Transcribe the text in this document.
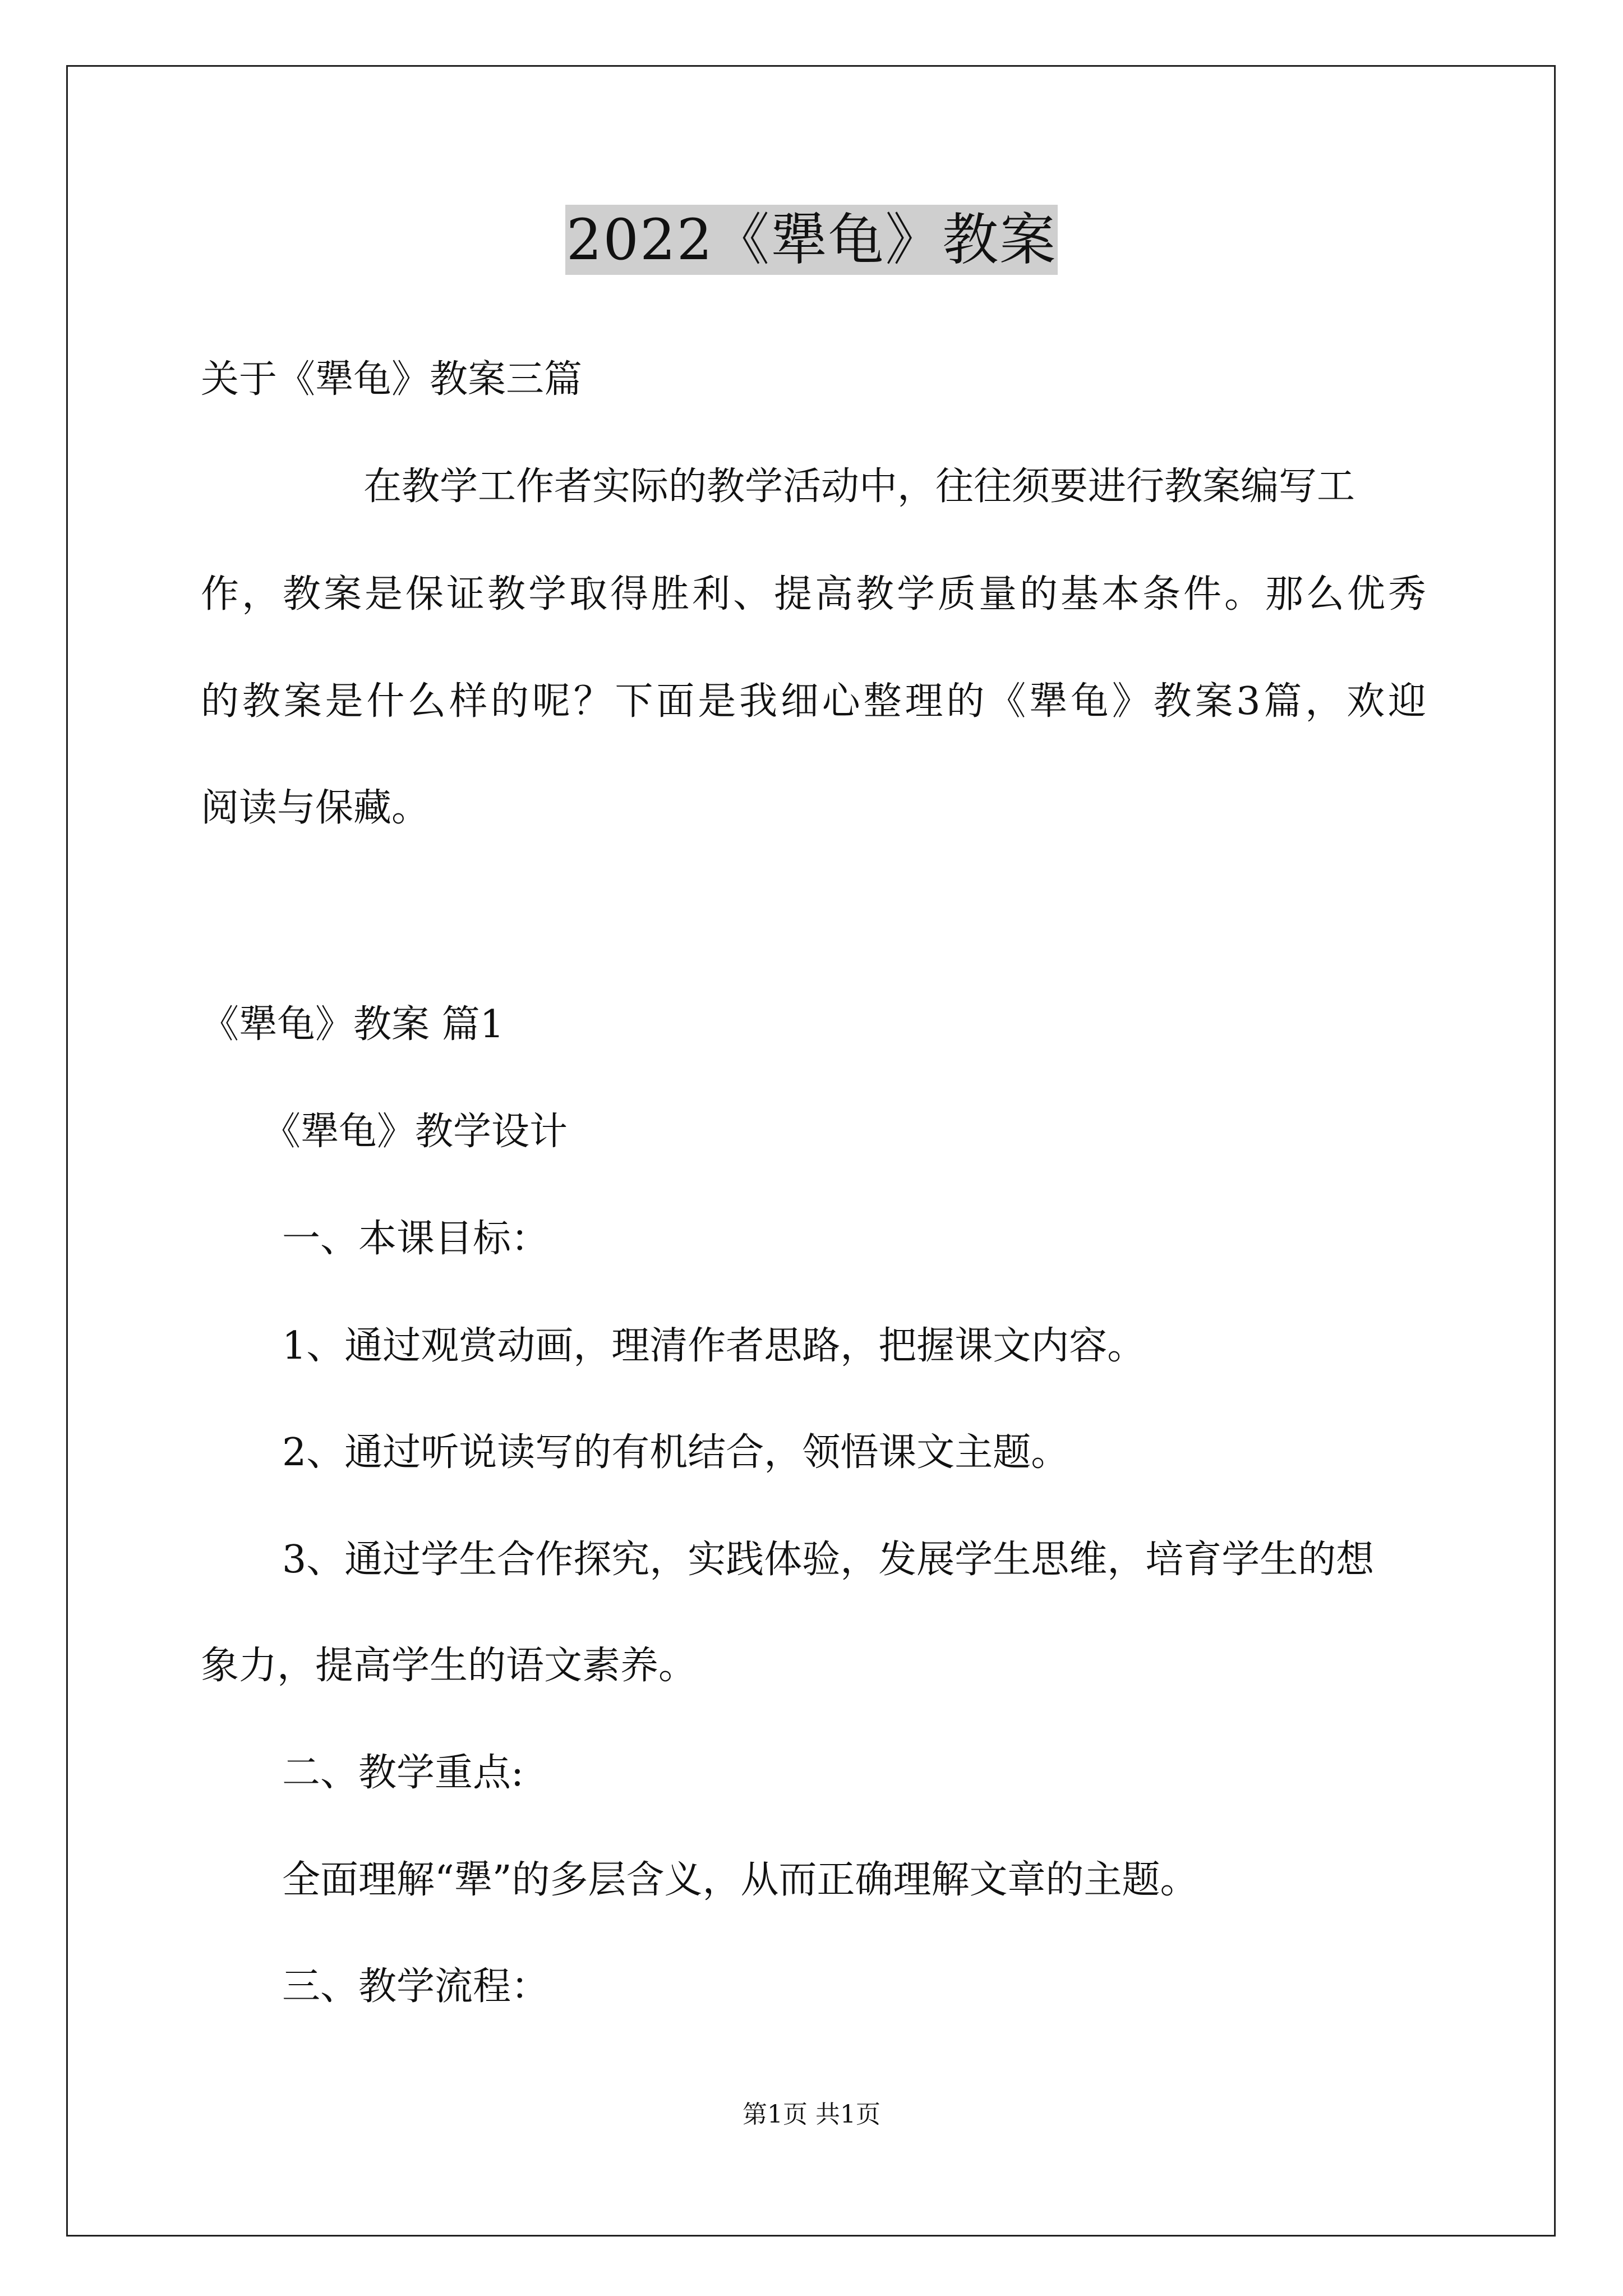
2022《犟龟》教案
关于《犟龟》教案三篇
在教学工作者实际的教学活动中，往往须要进行教案编写工
作，教案是保证教学取得胜利、提高教学质量的基本条件。那么优秀
的教案是什么样的呢？下面是我细心整理的《犟龟》教案3篇，欢迎
阅读与保藏。
《犟龟》教案 篇1
《犟龟》教学设计
一、本课目标：
1、通过观赏动画，理清作者思路，把握课文内容。
2、通过听说读写的有机结合，领悟课文主题。
3、通过学生合作探究，实践体验，发展学生思维，培育学生的想
象力，提高学生的语文素养。
二、教学重点:
全面理解“犟”的多层含义，从而正确理解文章的主题。
三、教学流程：
第1页 共1页
